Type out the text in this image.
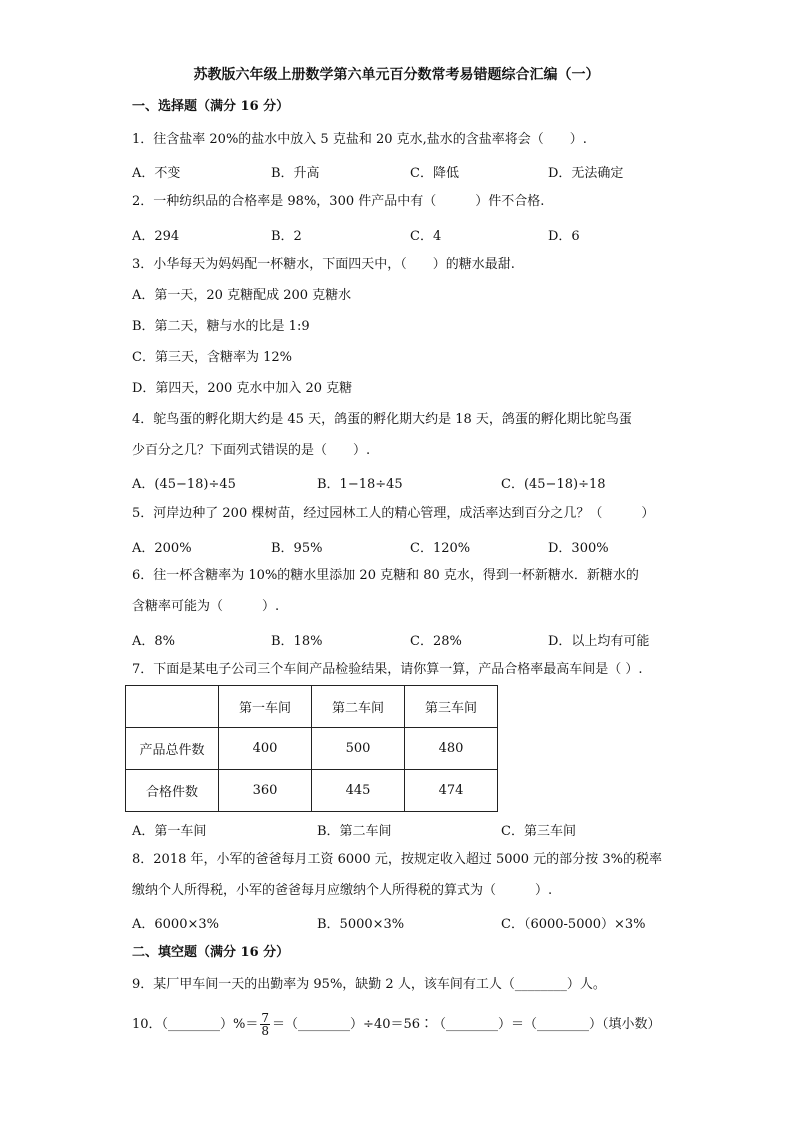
苏教版六年级上册数学第六单元百分数常考易错题综合汇编（一）
一、选择题（满分 16 分）
1．往含盐率 20%的盐水中放入 5 克盐和 20 克水,盐水的含盐率将会（　　）.
A．不变	B．升高	C．降低	D．无法确定
2．一种纺织品的合格率是 98%，300 件产品中有（　　　）件不合格.
A．294	B．2	C．4	D．6
3．小华每天为妈妈配一杯糖水，下面四天中，（　　）的糖水最甜.
A．第一天，20 克糖配成 200 克糖水
B．第二天，糖与水的比是 1:9
C．第三天，含糖率为 12%
D．第四天，200 克水中加入 20 克糖
4．鸵鸟蛋的孵化期大约是 45 天，鸽蛋的孵化期大约是 18 天，鸽蛋的孵化期比鸵鸟蛋
少百分之几？下面列式错误的是（　　）.
A．(45−18)÷45	B．1−18÷45	C．(45−18)÷18
5．河岸边种了 200 棵树苗，经过园林工人的精心管理，成活率达到百分之几？（　　　）
A．200%	B．95%	C．120%	D．300%
6．往一杯含糖率为 10%的糖水里添加 20 克糖和 80 克水，得到一杯新糖水．新糖水的
含糖率可能为（　　　）.
A．8%	B．18%	C．28%	D．以上均有可能
7．下面是某电子公司三个车间产品检验结果，请你算一算，产品合格率最高车间是（ ）.
	第一车间	第二车间	第三车间
产品总件数	400	500	480
合格件数	360	445	474
A．第一车间	B．第二车间	C．第三车间
8．2018 年，小军的爸爸每月工资 6000 元，按规定收入超过 5000 元的部分按 3%的税率
缴纳个人所得税，小军的爸爸每月应缴纳个人所得税的算式为（　　　）.
A．6000×3%	B．5000×3%	C．（6000-5000）×3%
二、填空题（满分 16 分）
9．某厂甲车间一天的出勤率为 95%，缺勤 2 人，该车间有工人（________）人。
10．（________）%＝ $\frac{7}{8}$ ＝（________）÷40＝56∶（________）＝（________）（填小数）
